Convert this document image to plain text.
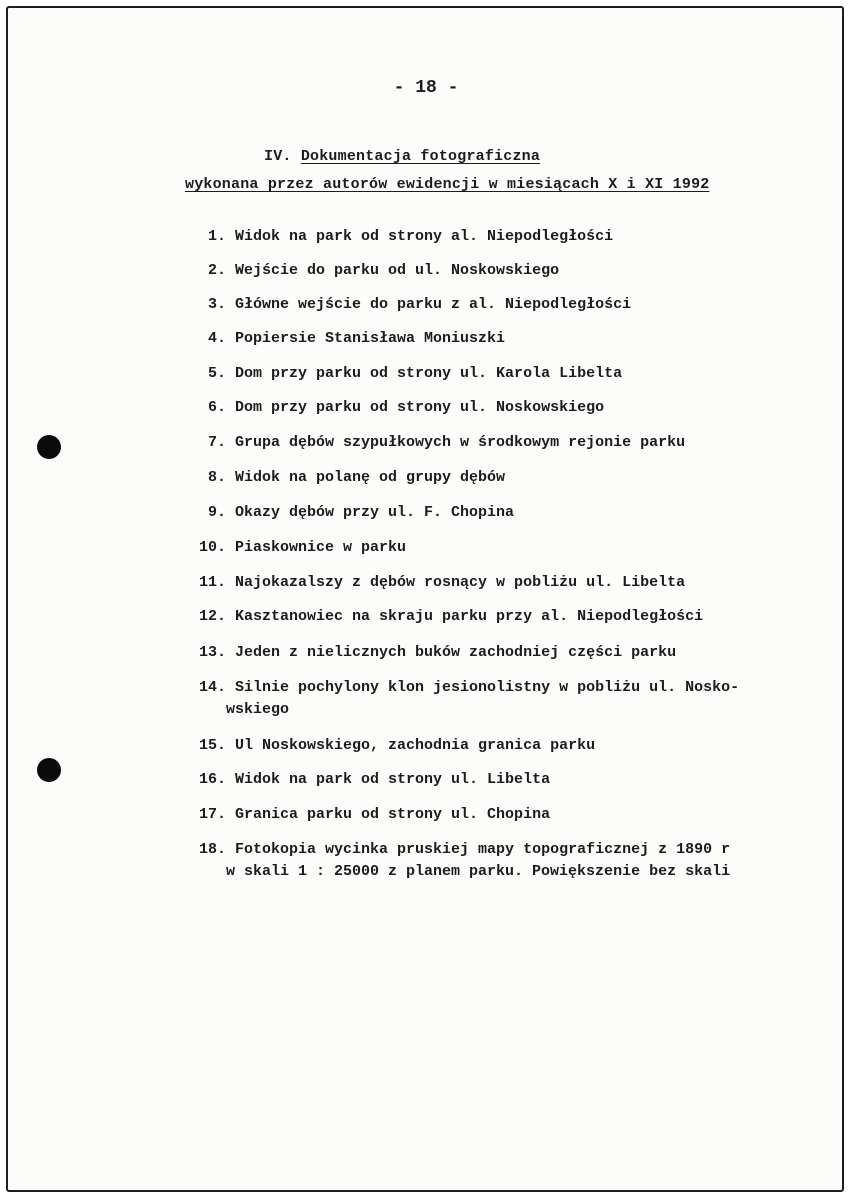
- 18 -
IV. Dokumentacja fotograficzna
wykonana przez autorów ewidencji w miesiącach X i XI 1992
1. Widok na park od strony al. Niepodległości
2. Wejście do parku od ul. Noskowskiego
3. Główne wejście do parku z al. Niepodległości
4. Popiersie Stanisława Moniuszki
5. Dom przy parku od strony ul. Karola Libelta
6. Dom przy parku od strony ul. Noskowskiego
7. Grupa dębów szypułkowych w środkowym rejonie parku
8. Widok na polanę od grupy dębów
9. Okazy dębów przy ul. F. Chopina
10. Piaskownice w parku
11. Najokazalszy z dębów rosnący w pobliżu ul. Libelta
12. Kasztanowiec na skraju parku przy al. Niepodległości
13. Jeden z nielicznych buków zachodniej części parku
14. Silnie pochylony klon jesionolistny w pobliżu ul. Nosko-
wskiego
15. Ul Noskowskiego, zachodnia granica parku
16. Widok na park od strony ul. Libelta
17. Granica parku od strony ul. Chopina
18. Fotokopia wycinka pruskiej mapy topograficznej z 1890 r
w skali 1 : 25000 z planem parku. Powiększenie bez skali
